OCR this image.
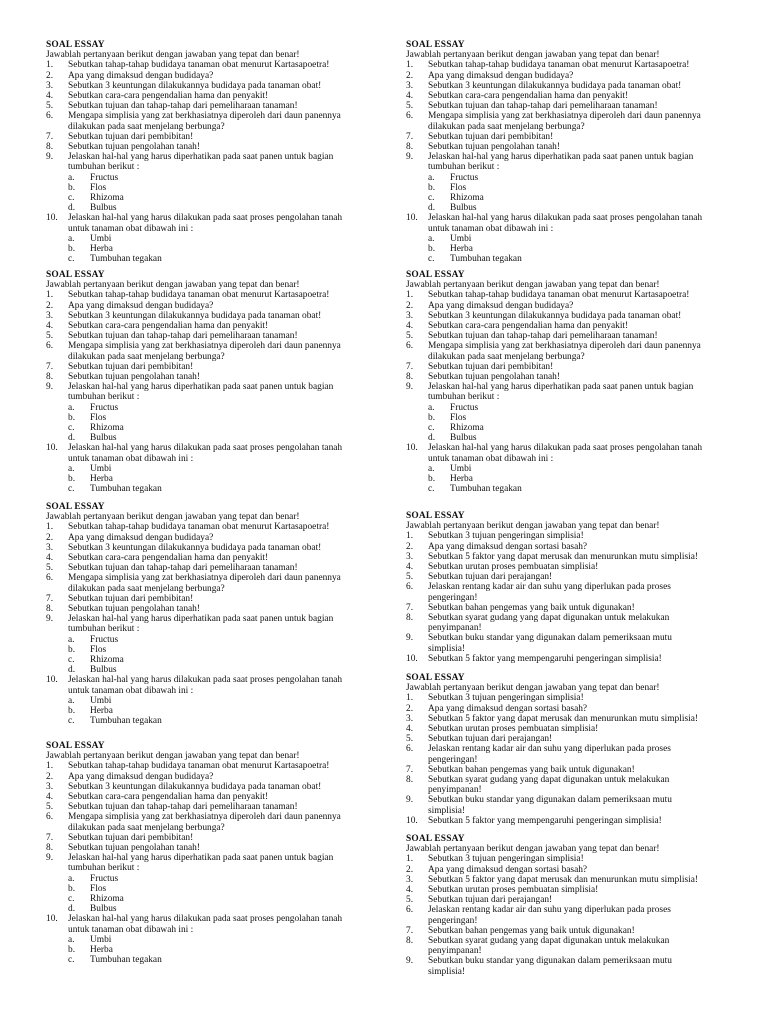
SOAL ESSAY
Jawablah pertanyaan berikut dengan jawaban yang tepat dan benar!
1.	Sebutkan tahap-tahap budidaya tanaman obat menurut Kartasapoetra!
2.	Apa yang dimaksud dengan budidaya?
3.	Sebutkan 3 keuntungan dilakukannya budidaya pada tanaman obat!
4.	Sebutkan cara-cara pengendalian hama dan penyakit!
5.	Sebutkan tujuan dan tahap-tahap dari pemeliharaan tanaman!
6.	Mengapa simplisia yang zat berkhasiatnya diperoleh dari daun panennya
dilakukan pada saat menjelang berbunga?
7.	Sebutkan tujuan dari pembibitan!
8.	Sebutkan tujuan pengolahan tanah!
9.	Jelaskan hal-hal yang harus diperhatikan pada saat panen untuk bagian
tumbuhan berikut :
a.	Fructus
b.	Flos
c.	Rhizoma
d.	Bulbus
10.	Jelaskan hal-hal yang harus dilakukan pada saat proses pengolahan tanah
untuk tanaman obat dibawah ini :
a.	Umbi
b.	Herba
c.	Tumbuhan tegakan
SOAL ESSAY
Jawablah pertanyaan berikut dengan jawaban yang tepat dan benar!
1.	Sebutkan tahap-tahap budidaya tanaman obat menurut Kartasapoetra!
2.	Apa yang dimaksud dengan budidaya?
3.	Sebutkan 3 keuntungan dilakukannya budidaya pada tanaman obat!
4.	Sebutkan cara-cara pengendalian hama dan penyakit!
5.	Sebutkan tujuan dan tahap-tahap dari pemeliharaan tanaman!
6.	Mengapa simplisia yang zat berkhasiatnya diperoleh dari daun panennya
dilakukan pada saat menjelang berbunga?
7.	Sebutkan tujuan dari pembibitan!
8.	Sebutkan tujuan pengolahan tanah!
9.	Jelaskan hal-hal yang harus diperhatikan pada saat panen untuk bagian
tumbuhan berikut :
a.	Fructus
b.	Flos
c.	Rhizoma
d.	Bulbus
10.	Jelaskan hal-hal yang harus dilakukan pada saat proses pengolahan tanah
untuk tanaman obat dibawah ini :
a.	Umbi
b.	Herba
c.	Tumbuhan tegakan
SOAL ESSAY
Jawablah pertanyaan berikut dengan jawaban yang tepat dan benar!
1.	Sebutkan tahap-tahap budidaya tanaman obat menurut Kartasapoetra!
2.	Apa yang dimaksud dengan budidaya?
3.	Sebutkan 3 keuntungan dilakukannya budidaya pada tanaman obat!
4.	Sebutkan cara-cara pengendalian hama dan penyakit!
5.	Sebutkan tujuan dan tahap-tahap dari pemeliharaan tanaman!
6.	Mengapa simplisia yang zat berkhasiatnya diperoleh dari daun panennya
dilakukan pada saat menjelang berbunga?
7.	Sebutkan tujuan dari pembibitan!
8.	Sebutkan tujuan pengolahan tanah!
9.	Jelaskan hal-hal yang harus diperhatikan pada saat panen untuk bagian
tumbuhan berikut :
a.	Fructus
b.	Flos
c.	Rhizoma
d.	Bulbus
10.	Jelaskan hal-hal yang harus dilakukan pada saat proses pengolahan tanah
untuk tanaman obat dibawah ini :
a.	Umbi
b.	Herba
c.	Tumbuhan tegakan
SOAL ESSAY
Jawablah pertanyaan berikut dengan jawaban yang tepat dan benar!
1.	Sebutkan tahap-tahap budidaya tanaman obat menurut Kartasapoetra!
2.	Apa yang dimaksud dengan budidaya?
3.	Sebutkan 3 keuntungan dilakukannya budidaya pada tanaman obat!
4.	Sebutkan cara-cara pengendalian hama dan penyakit!
5.	Sebutkan tujuan dan tahap-tahap dari pemeliharaan tanaman!
6.	Mengapa simplisia yang zat berkhasiatnya diperoleh dari daun panennya
dilakukan pada saat menjelang berbunga?
7.	Sebutkan tujuan dari pembibitan!
8.	Sebutkan tujuan pengolahan tanah!
9.	Jelaskan hal-hal yang harus diperhatikan pada saat panen untuk bagian
tumbuhan berikut :
a.	Fructus
b.	Flos
c.	Rhizoma
d.	Bulbus
10.	Jelaskan hal-hal yang harus dilakukan pada saat proses pengolahan tanah
untuk tanaman obat dibawah ini :
a.	Umbi
b.	Herba
c.	Tumbuhan tegakan
SOAL ESSAY
Jawablah pertanyaan berikut dengan jawaban yang tepat dan benar!
1.	Sebutkan tahap-tahap budidaya tanaman obat menurut Kartasapoetra!
2.	Apa yang dimaksud dengan budidaya?
3.	Sebutkan 3 keuntungan dilakukannya budidaya pada tanaman obat!
4.	Sebutkan cara-cara pengendalian hama dan penyakit!
5.	Sebutkan tujuan dan tahap-tahap dari pemeliharaan tanaman!
6.	Mengapa simplisia yang zat berkhasiatnya diperoleh dari daun panennya
dilakukan pada saat menjelang berbunga?
7.	Sebutkan tujuan dari pembibitan!
8.	Sebutkan tujuan pengolahan tanah!
9.	Jelaskan hal-hal yang harus diperhatikan pada saat panen untuk bagian
tumbuhan berikut :
a.	Fructus
b.	Flos
c.	Rhizoma
d.	Bulbus
10.	Jelaskan hal-hal yang harus dilakukan pada saat proses pengolahan tanah
untuk tanaman obat dibawah ini :
a.	Umbi
b.	Herba
c.	Tumbuhan tegakan
SOAL ESSAY
Jawablah pertanyaan berikut dengan jawaban yang tepat dan benar!
1.	Sebutkan tahap-tahap budidaya tanaman obat menurut Kartasapoetra!
2.	Apa yang dimaksud dengan budidaya?
3.	Sebutkan 3 keuntungan dilakukannya budidaya pada tanaman obat!
4.	Sebutkan cara-cara pengendalian hama dan penyakit!
5.	Sebutkan tujuan dan tahap-tahap dari pemeliharaan tanaman!
6.	Mengapa simplisia yang zat berkhasiatnya diperoleh dari daun panennya
dilakukan pada saat menjelang berbunga?
7.	Sebutkan tujuan dari pembibitan!
8.	Sebutkan tujuan pengolahan tanah!
9.	Jelaskan hal-hal yang harus diperhatikan pada saat panen untuk bagian
tumbuhan berikut :
a.	Fructus
b.	Flos
c.	Rhizoma
d.	Bulbus
10.	Jelaskan hal-hal yang harus dilakukan pada saat proses pengolahan tanah
untuk tanaman obat dibawah ini :
a.	Umbi
b.	Herba
c.	Tumbuhan tegakan
SOAL ESSAY
Jawablah pertanyaan berikut dengan jawaban yang tepat dan benar!
1.	Sebutkan 3 tujuan pengeringan simplisia!
2.	Apa yang dimaksud dengan sortasi basah?
3.	Sebutkan 5 faktor yang dapat merusak dan menurunkan mutu simplisia!
4.	Sebutkan urutan proses pembuatan simplisia!
5.	Sebutkan tujuan dari perajangan!
6.	Jelaskan rentang kadar air dan suhu yang diperlukan pada proses
pengeringan!
7.	Sebutkan bahan pengemas yang baik untuk digunakan!
8.	Sebutkan syarat gudang yang dapat digunakan untuk melakukan
penyimpanan!
9.	Sebutkan buku standar yang digunakan dalam pemeriksaan mutu
simplisia!
10.	Sebutkan 5 faktor yang mempengaruhi pengeringan simplisia!
SOAL ESSAY
Jawablah pertanyaan berikut dengan jawaban yang tepat dan benar!
1.	Sebutkan 3 tujuan pengeringan simplisia!
2.	Apa yang dimaksud dengan sortasi basah?
3.	Sebutkan 5 faktor yang dapat merusak dan menurunkan mutu simplisia!
4.	Sebutkan urutan proses pembuatan simplisia!
5.	Sebutkan tujuan dari perajangan!
6.	Jelaskan rentang kadar air dan suhu yang diperlukan pada proses
pengeringan!
7.	Sebutkan bahan pengemas yang baik untuk digunakan!
8.	Sebutkan syarat gudang yang dapat digunakan untuk melakukan
penyimpanan!
9.	Sebutkan buku standar yang digunakan dalam pemeriksaan mutu
simplisia!
10.	Sebutkan 5 faktor yang mempengaruhi pengeringan simplisia!
SOAL ESSAY
Jawablah pertanyaan berikut dengan jawaban yang tepat dan benar!
1.	Sebutkan 3 tujuan pengeringan simplisia!
2.	Apa yang dimaksud dengan sortasi basah?
3.	Sebutkan 5 faktor yang dapat merusak dan menurunkan mutu simplisia!
4.	Sebutkan urutan proses pembuatan simplisia!
5.	Sebutkan tujuan dari perajangan!
6.	Jelaskan rentang kadar air dan suhu yang diperlukan pada proses
pengeringan!
7.	Sebutkan bahan pengemas yang baik untuk digunakan!
8.	Sebutkan syarat gudang yang dapat digunakan untuk melakukan
penyimpanan!
9.	Sebutkan buku standar yang digunakan dalam pemeriksaan mutu
simplisia!
